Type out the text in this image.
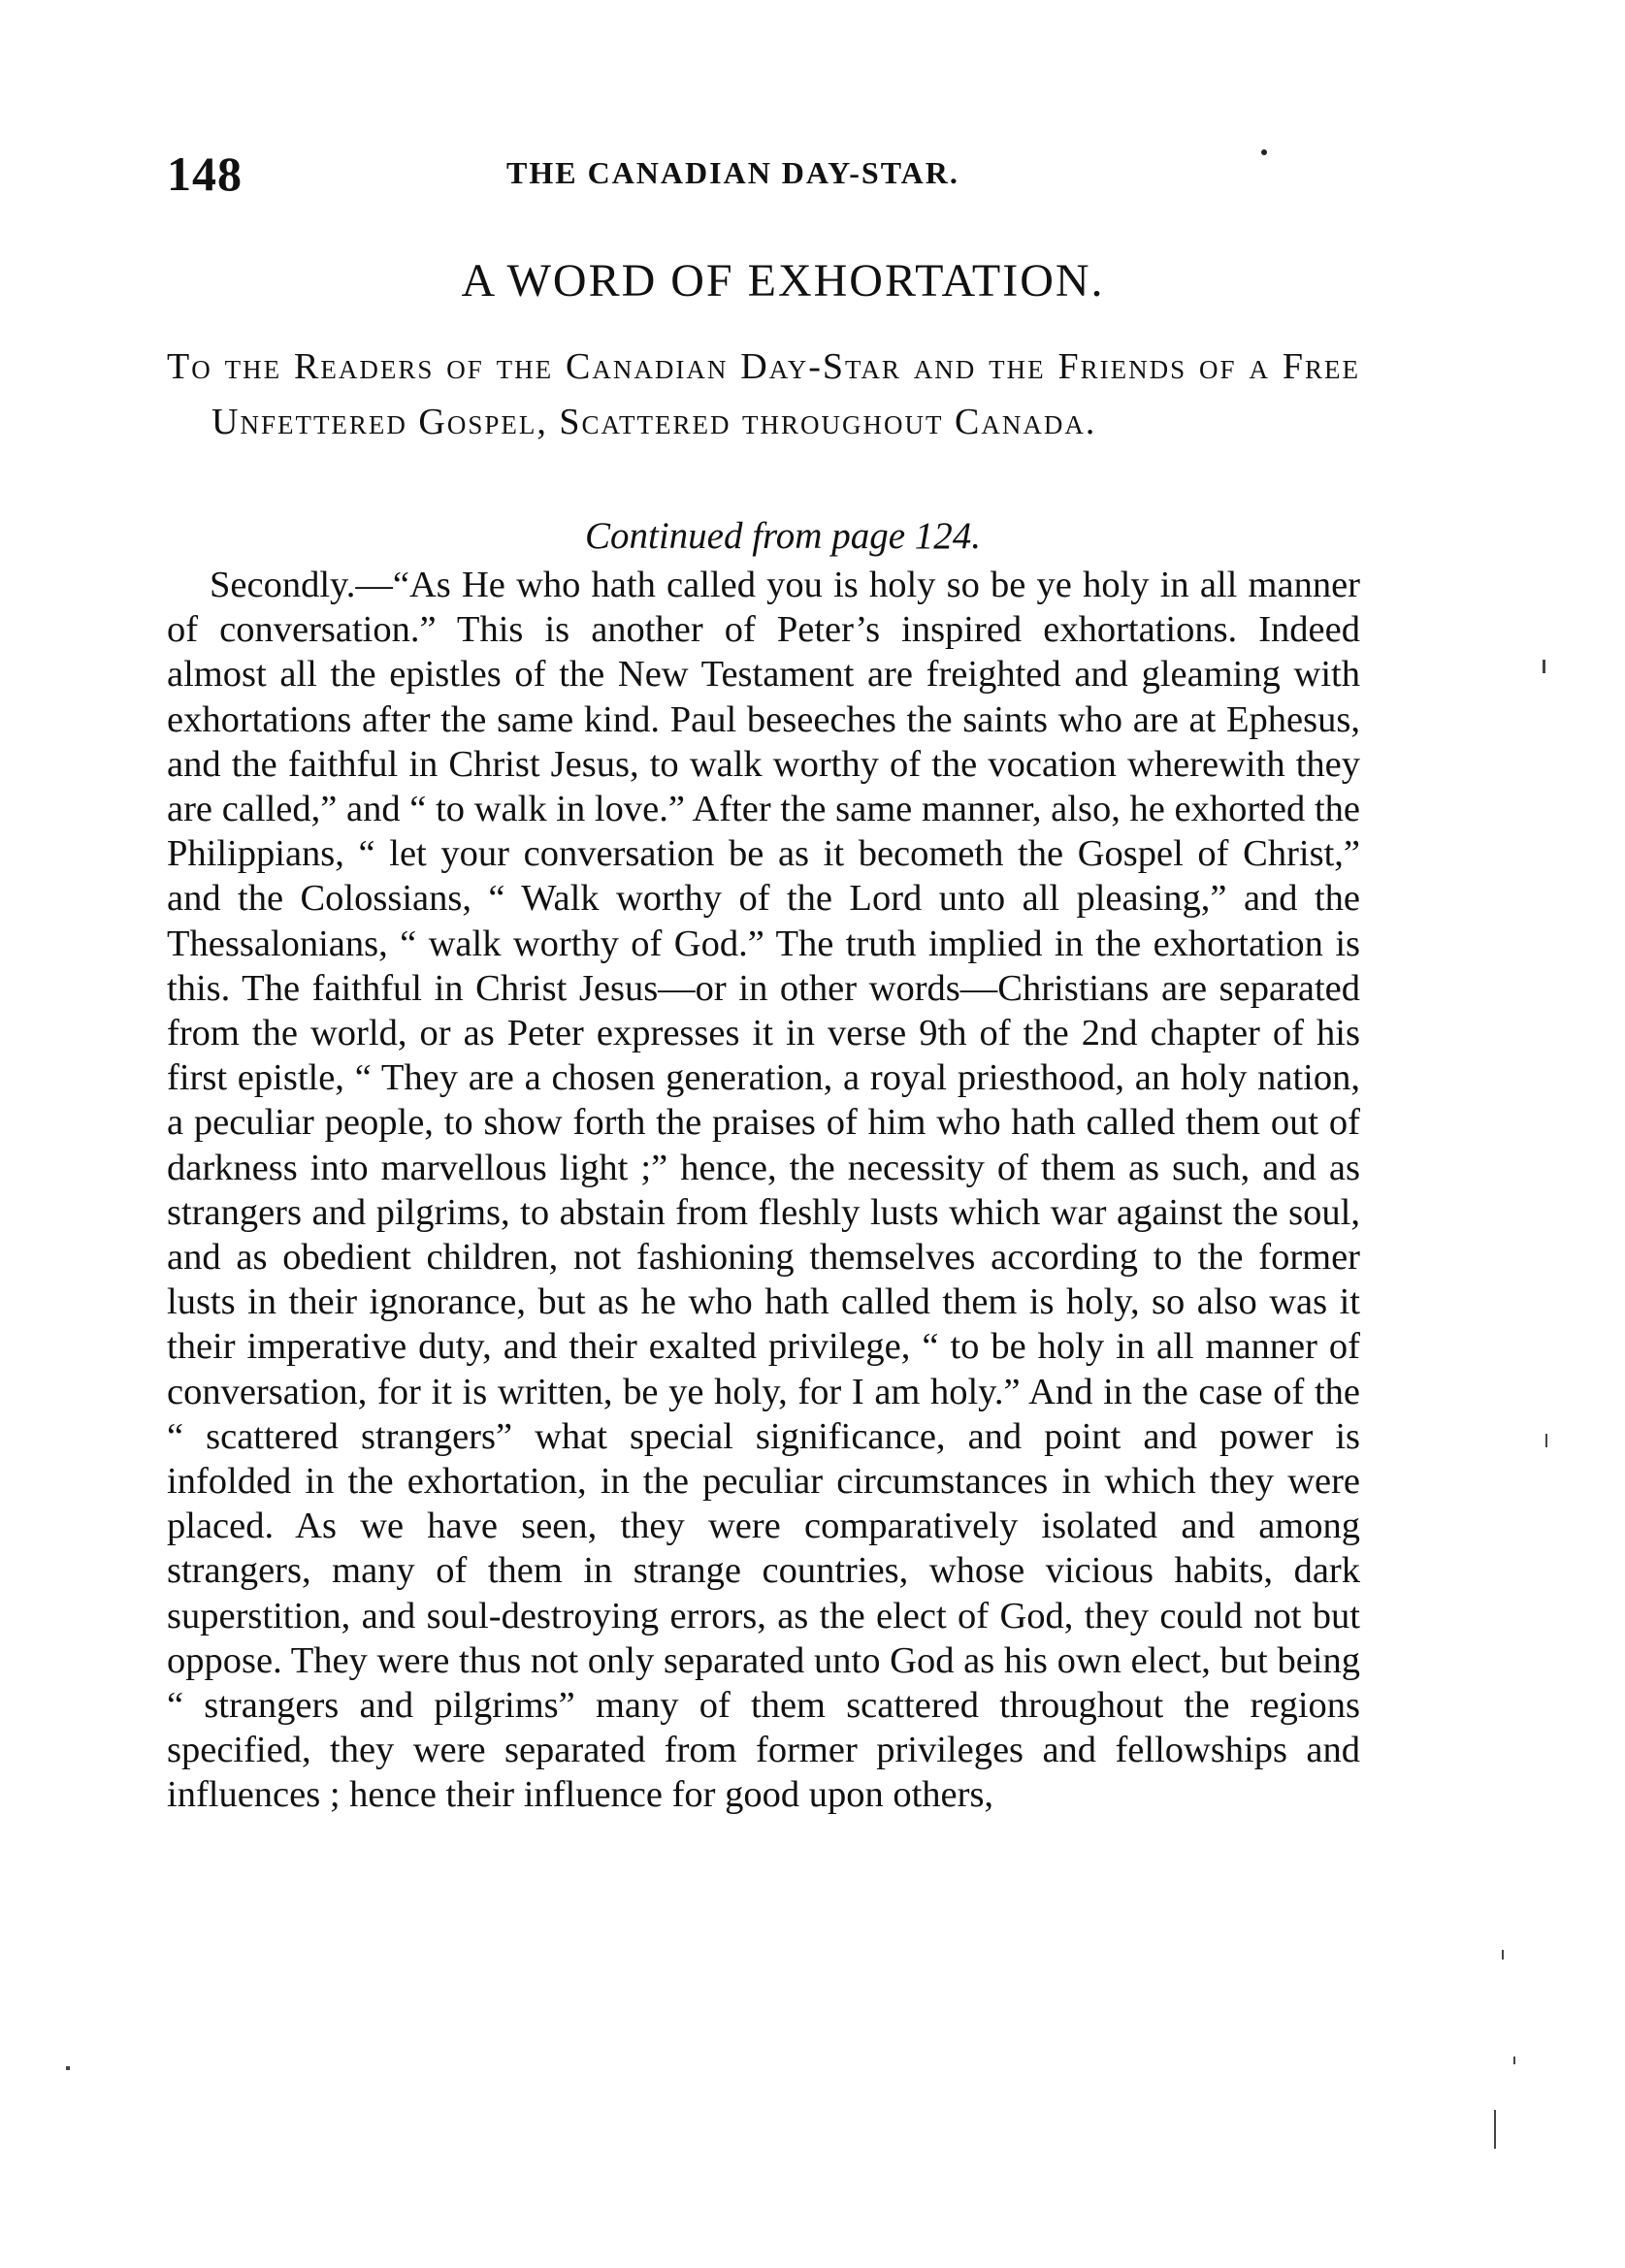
148	THE CANADIAN DAY-STAR.
A WORD OF EXHORTATION.
To the Readers of the Canadian Day-Star and the Friends of a Free Unfettered Gospel, Scattered throughout Canada.
Continued from page 124.

Secondly.—“As He who hath called you is holy so be ye holy in all manner of conversation.” This is another of Peter’s inspired exhortations. Indeed almost all the epistles of the New Testament are freighted and gleaming with exhortations after the same kind. Paul beseeches the saints who are at Ephesus, and the faithful in Christ Jesus, to walk worthy of the vocation wherewith they are called,” and “ to walk in love.” After the same manner, also, he exhorted the Philippians, “ let your conversation be as it becometh the Gospel of Christ,” and the Colossians, “ Walk worthy of the Lord unto all pleasing,” and the Thessalonians, “ walk worthy of God.” The truth implied in the exhortation is this. The faithful in Christ Jesus—or in other words—Christians are separated from the world, or as Peter expresses it in verse 9th of the 2nd chapter of his first epistle, “ They are a chosen generation, a royal priesthood, an holy nation, a peculiar people, to show forth the praises of him who hath called them out of darkness into marvellous light ;” hence, the necessity of them as such, and as strangers and pilgrims, to abstain from fleshly lusts which war against the soul, and as obedient children, not fashioning themselves according to the former lusts in their ignorance, but as he who hath called them is holy, so also was it their imperative duty, and their exalted privilege, “ to be holy in all manner of conversation, for it is written, be ye holy, for I am holy.” And in the case of the “ scattered strangers” what special significance, and point and power is infolded in the exhortation, in the peculiar circumstances in which they were placed. As we have seen, they were comparatively isolated and among strangers, many of them in strange countries, whose vicious habits, dark superstition, and soul-destroying errors, as the elect of God, they could not but oppose. They were thus not only separated unto God as his own elect, but being “ strangers and pilgrims” many of them scattered throughout the regions specified, they were separated from former privileges and fellowships and influences ; hence their influence for good upon others,
